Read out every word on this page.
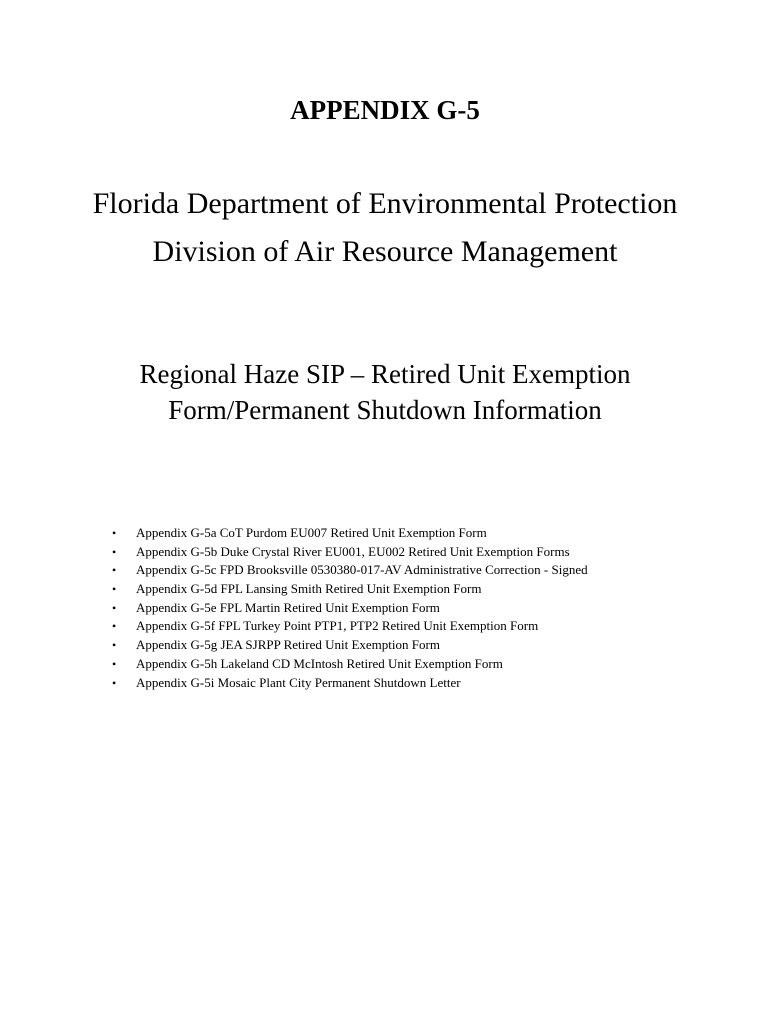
APPENDIX G-5
Florida Department of Environmental Protection
Division of Air Resource Management
Regional Haze SIP – Retired Unit Exemption
Form/Permanent Shutdown Information
• Appendix G-5a CoT Purdom EU007 Retired Unit Exemption Form
• Appendix G-5b Duke Crystal River EU001, EU002 Retired Unit Exemption Forms
• Appendix G-5c FPD Brooksville 0530380-017-AV Administrative Correction - Signed
• Appendix G-5d FPL Lansing Smith Retired Unit Exemption Form
• Appendix G-5e FPL Martin Retired Unit Exemption Form
• Appendix G-5f FPL Turkey Point PTP1, PTP2 Retired Unit Exemption Form
• Appendix G-5g JEA SJRPP Retired Unit Exemption Form
• Appendix G-5h Lakeland CD McIntosh Retired Unit Exemption Form
• Appendix G-5i Mosaic Plant City Permanent Shutdown Letter
